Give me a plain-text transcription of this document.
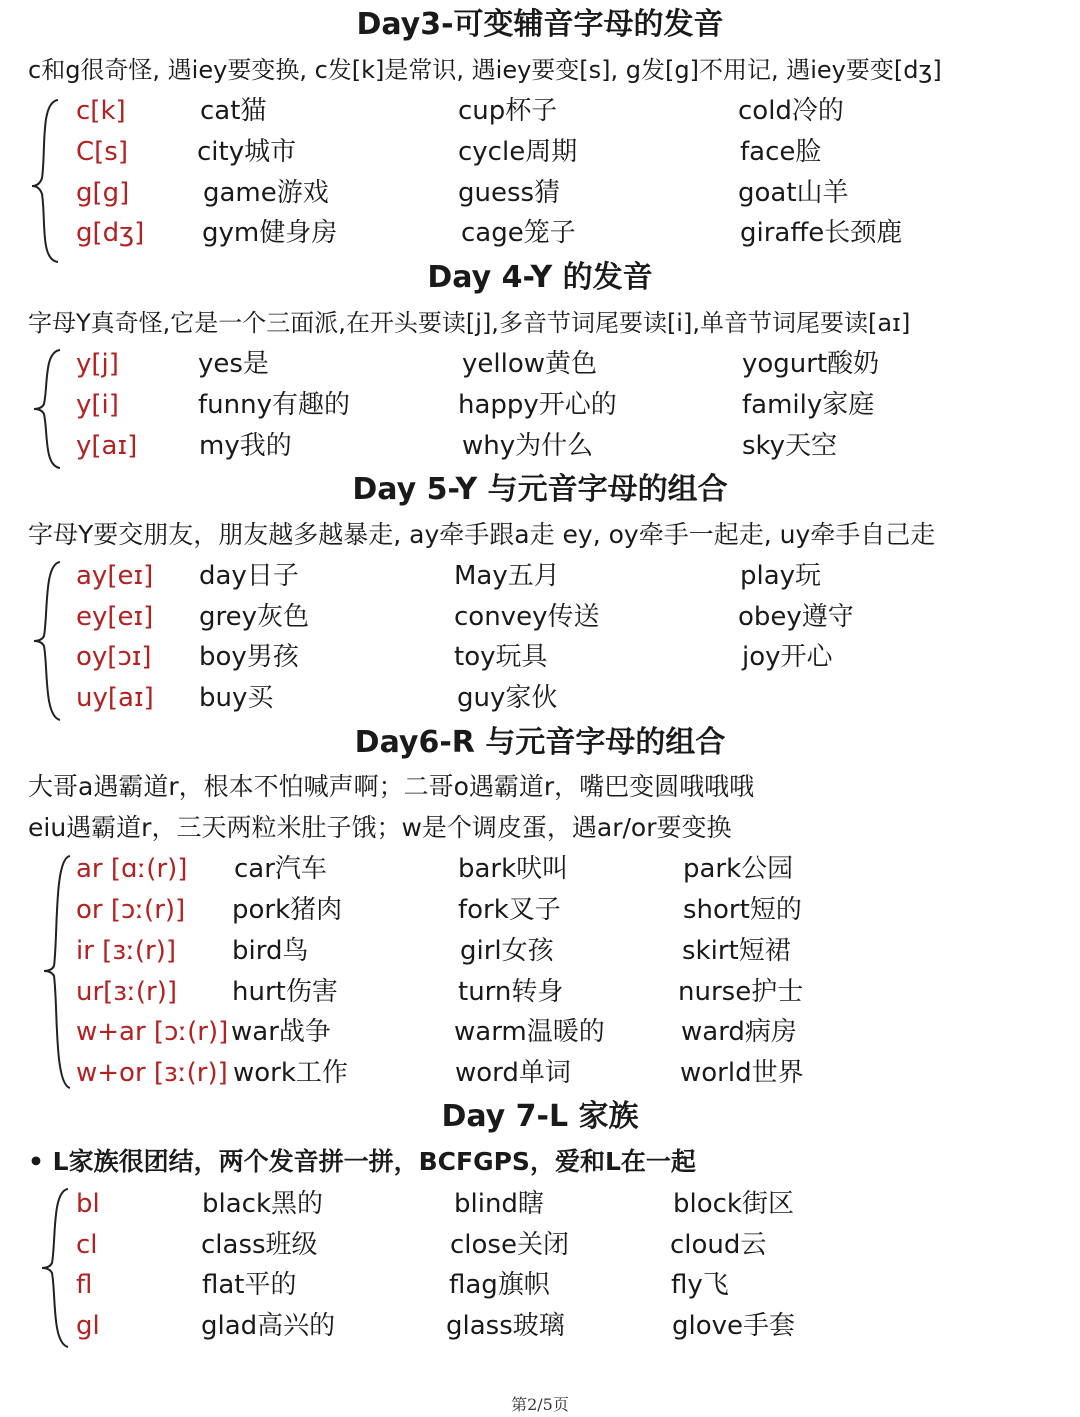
Day3-可变辅音字母的发音
c和g很奇怪, 遇iey要变换, c发[k]是常识, 遇iey要变[s], g发[g]不用记, 遇iey要变[dʒ]
c[k]	cat猫	cup杯子	cold冷的
C[s]	city城市	cycle周期	face脸
g[g]	game游戏	guess猜	goat山羊
g[dʒ] gym健身房	cage笼子	giraffe长颈鹿
Day 4-Y 的发音
字母Y真奇怪,它是一个三面派,在开头要读[j],多音节词尾要读[i],单音节词尾要读[aɪ]
y[j]	yes是	yellow黄色	yogurt酸奶
y[i]	funny有趣的	happy开心的	family家庭
y[aɪ] my我的	why为什么	sky天空
Day 5-Y 与元音字母的组合
字母Y要交朋友，朋友越多越暴走, ay牵手跟a走 ey, oy牵手一起走, uy牵手自己走
ay[eɪ] day日子	May五月	play玩
ey[eɪ] grey灰色	convey传送	obey遵守
oy[ɔɪ] boy男孩	toy玩具	joy开心
uy[aɪ] buy买	guy家伙
Day6-R 与元音字母的组合
大哥a遇霸道r，根本不怕喊声啊；二哥o遇霸道r，嘴巴变圆哦哦哦
eiu遇霸道r，三天两粒米肚子饿；w是个调皮蛋，遇ar/or要变换
ar [ɑː(r)] car汽车	bark吠叫	park公园
or [ɔː(r)] pork猪肉	fork叉子	short短的
ir [ɜː(r)] bird鸟	girl女孩	skirt短裙
ur[ɜː(r)] hurt伤害	turn转身	nurse护士
w+ar [ɔː(r)] war战争	warm温暖的	ward病房
w+or [ɜː(r)] work工作	word单词	world世界
Day 7-L 家族
• L家族很团结，两个发音拼一拼，BCFGPS，爱和L在一起
bl	black黑的	blind瞎	block街区
cl	class班级	close关闭	cloud云
fl	flat平的	flag旗帜	fly飞
gl	glad高兴的	glass玻璃	glove手套
第2/5页
